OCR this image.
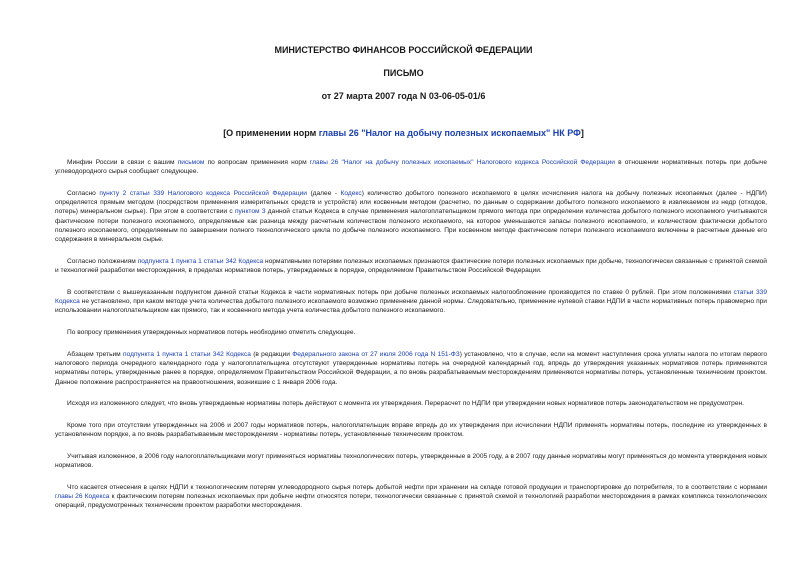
МИНИСТЕРСТВО ФИНАНСОВ РОССИЙСКОЙ ФЕДЕРАЦИИ
ПИСЬМО
от 27 марта 2007 года N 03-06-05-01/6
[О применении норм главы 26 "Налог на добычу полезных ископаемых" НК РФ]

Минфин России в связи с вашим письмом по вопросам применения норм главы 26 "Налог на добычу полезных ископаемых" Налогового кодекса Российской Федерации в отношении нормативных потерь при добыче углеводородного сырья сообщает следующее.

Согласно пункту 2 статьи 339 Налогового кодекса Российской Федерации (далее - Кодекс) количество добытого полезного ископаемого в целях исчисления налога на добычу полезных ископаемых (далее - НДПИ) определяется прямым методом (посредством применения измерительных средств и устройств) или косвенным методом (расчетно, по данным о содержании добытого полезного ископаемого в извлекаемом из недр (отходов, потерь) минеральном сырье). При этом в соответствии с пунктом 3 данной статьи Кодекса в случае применения налогоплательщиком прямого метода при определении количества добытого полезного ископаемого учитываются фактические потери полезного ископаемого, определяемые как разница между расчетным количеством полезного ископаемого, на которое уменьшаются запасы полезного ископаемого, и количеством фактически добытого полезного ископаемого, определяемым по завершении полного технологического цикла по добыче полезного ископаемого. При косвенном методе фактические потери полезного ископаемого включены в расчетные данные его содержания в минеральном сырье.

Согласно положениям подпункта 1 пункта 1 статьи 342 Кодекса нормативными потерями полезных ископаемых признаются фактические потери полезных ископаемых при добыче, технологически связанные с принятой схемой и технологией разработки месторождения, в пределах нормативов потерь, утверждаемых в порядке, определяемом Правительством Российской Федерации.

В соответствии с вышеуказанным подпунктом данной статьи Кодекса в части нормативных потерь при добыче полезных ископаемых налогообложение производится по ставке 0 рублей. При этом положениями статьи 339 Кодекса не установлено, при каком методе учета количества добытого полезного ископаемого возможно применение данной нормы. Следовательно, применение нулевой ставки НДПИ в части нормативных потерь правомерно при использовании налогоплательщиком как прямого, так и косвенного метода учета количества добытого полезного ископаемого.

По вопросу применения утвержденных нормативов потерь необходимо отметить следующее.

Абзацем третьим подпункта 1 пункта 1 статьи 342 Кодекса (в редакции Федерального закона от 27 июля 2006 года N 151-ФЗ) установлено, что в случае, если на момент наступления срока уплаты налога по итогам первого налогового периода очередного календарного года у налогоплательщика отсутствуют утвержденные нормативы потерь на очередной календарный год, впредь до утверждения указанных нормативов потерь применяются нормативы потерь, утвержденные ранее в порядке, определяемом Правительством Российской Федерации, а по вновь разрабатываемым месторождениям применяются нормативы потерь, установленные техническим проектом. Данное положение распространяется на правоотношения, возникшие с 1 января 2006 года.

Исходя из изложенного следует, что вновь утверждаемые нормативы потерь действуют с момента их утверждения. Перерасчет по НДПИ при утверждении новых нормативов потерь законодательством не предусмотрен.

Кроме того при отсутствии утвержденных на 2006 и 2007 годы нормативов потерь, налогоплательщик вправе впредь до их утверждения при исчислении НДПИ применять нормативы потерь, последние из утвержденных в установленном порядке, а по вновь разрабатываемым месторождениям - нормативы потерь, установленные техническим проектом.

Учитывая изложенное, в 2006 году налогоплательщиками могут применяться нормативы технологических потерь, утвержденные в 2005 году, а в 2007 году данные нормативы могут применяться до момента утверждения новых нормативов.

Что касается отнесения в целях НДПИ к технологическим потерям углеводородного сырья потерь добытой нефти при хранении на складе готовой продукции и транспортировке до потребителя, то в соответствии с нормами главы 26 Кодекса к фактическим потерям полезных ископаемых при добыче нефти относятся потери, технологически связанные с принятой схемой и технологией разработки месторождения в рамках комплекса технологических операций, предусмотренных техническим проектом разработки месторождения.
